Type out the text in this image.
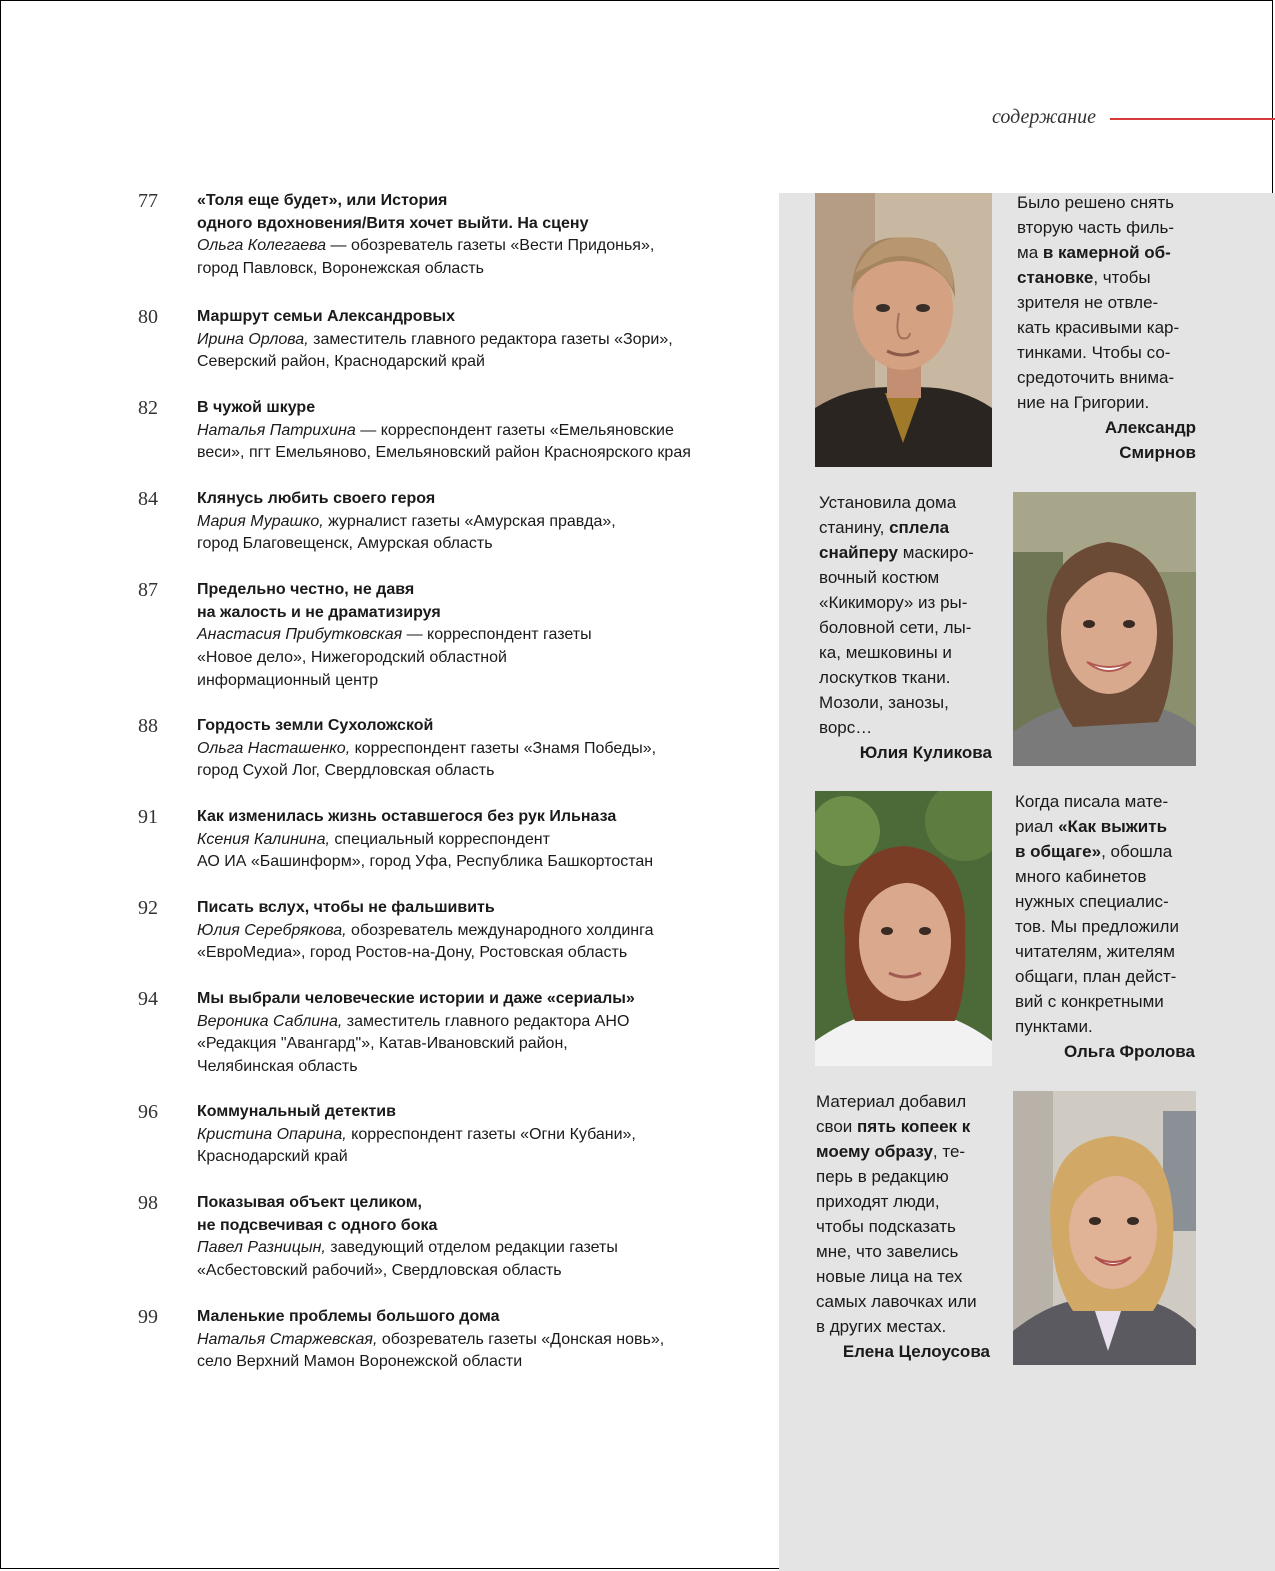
содержание
77	«Толя еще будет», или История
одного вдохновения/Витя хочет выйти. На сцену
Ольга Колегаева — обозреватель газеты «Вести Придонья»,
город Павловск, Воронежская область
80	Маршрут семьи Александровых
Ирина Орлова, заместитель главного редактора газеты «Зори»,
Северский район, Краснодарский край
82	В чужой шкуре
Наталья Патрихина — корреспондент газеты «Емельяновские
веси», пгт Емельяново, Емельяновский район Красноярского края
84	Клянусь любить своего героя
Мария Мурашко, журналист газеты «Амурская правда»,
город Благовещенск, Амурская область
87	Предельно честно, не давя
на жалость и не драматизируя
Анастасия Прибутковская — корреспондент газеты
«Новое дело», Нижегородский областной
информационный центр
88	Гордость земли Сухоложской
Ольга Насташенко, корреспондент газеты «Знамя Победы»,
город Сухой Лог, Свердловская область
91	Как изменилась жизнь оставшегося без рук Ильназа
Ксения Калинина, специальный корреспондент
АО ИА «Башинформ», город Уфа, Республика Башкортостан
92	Писать вслух, чтобы не фальшивить
Юлия Серебрякова, обозреватель международного холдинга
«ЕвроМедиа», город Ростов-на-Дону, Ростовская область
94	Мы выбрали человеческие истории и даже «сериалы»
Вероника Саблина, заместитель главного редактора АНО
«Редакция "Авангард"», Катав-Ивановский район,
Челябинская область
96	Коммунальный детектив
Кристина Опарина, корреспондент газеты «Огни Кубани»,
Краснодарский край
98	Показывая объект целиком,
не подсвечивая с одного бока
Павел Разницын, заведующий отделом редакции газеты
«Асбестовский рабочий», Свердловская область
99	Маленькие проблемы большого дома
Наталья Старжевская, обозреватель газеты «Донская новь»,
село Верхний Мамон Воронежской области
Было решено снять
вторую часть филь-
ма в камерной об-
становке, чтобы
зрителя не отвле-
кать красивыми кар-
тинками. Чтобы со-
средоточить внима-
ние на Григории.
Александр
Смирнов
Установила дома
станину, сплела
снайперу маскиро-
вочный костюм
«Кикимору» из ры-
боловной сети, лы-
ка, мешковины и
лоскутков ткани.
Мозоли, занозы,
ворс…
Юлия Куликова
Когда писала мате-
риал «Как выжить
в общаге», обошла
много кабинетов
нужных специалис-
тов. Мы предложили
читателям, жителям
общаги, план дейст-
вий с конкретными
пунктами.
Ольга Фролова
Материал добавил
свои пять копеек к
моему образу, те-
перь в редакцию
приходят люди,
чтобы подсказать
мне, что завелись
новые лица на тех
самых лавочках или
в других местах.
Елена Целоусова
